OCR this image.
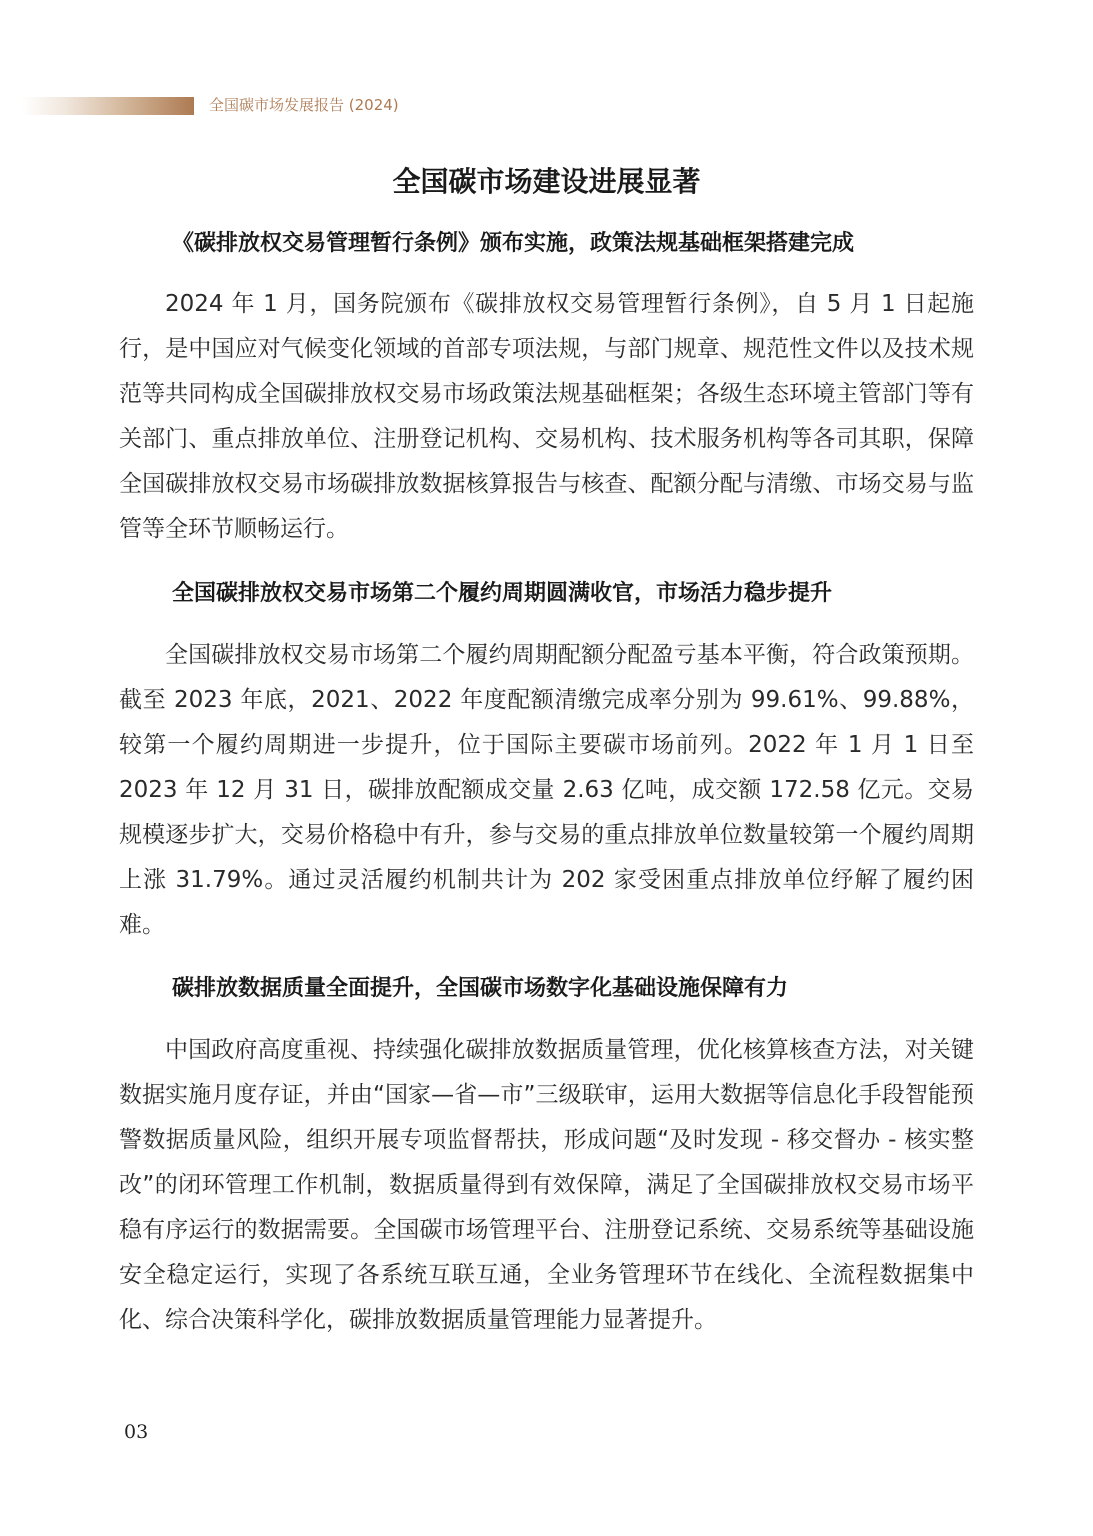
全国碳市场发展报告 (2024)
全国碳市场建设进展显著
《碳排放权交易管理暂行条例》颁布实施，政策法规基础框架搭建完成

2024 年 1 月，国务院颁布《碳排放权交易管理暂行条例》，自 5 月 1 日起施行，是中国应对气候变化领域的首部专项法规，与部门规章、规范性文件以及技术规范等共同构成全国碳排放权交易市场政策法规基础框架；各级生态环境主管部门等有关部门、重点排放单位、注册登记机构、交易机构、技术服务机构等各司其职，保障全国碳排放权交易市场碳排放数据核算报告与核查、配额分配与清缴、市场交易与监管等全环节顺畅运行。

全国碳排放权交易市场第二个履约周期圆满收官，市场活力稳步提升

全国碳排放权交易市场第二个履约周期配额分配盈亏基本平衡，符合政策预期。截至 2023 年底，2021、2022 年度配额清缴完成率分别为 99.61%、99.88%，较第一个履约周期进一步提升，位于国际主要碳市场前列。2022 年 1 月 1 日至 2023 年 12 月 31 日，碳排放配额成交量 2.63 亿吨，成交额 172.58 亿元。交易规模逐步扩大，交易价格稳中有升，参与交易的重点排放单位数量较第一个履约周期上涨 31.79%。通过灵活履约机制共计为 202 家受困重点排放单位纾解了履约困难。

碳排放数据质量全面提升，全国碳市场数字化基础设施保障有力

中国政府高度重视、持续强化碳排放数据质量管理，优化核算核查方法，对关键数据实施月度存证，并由“国家—省—市”三级联审，运用大数据等信息化手段智能预警数据质量风险，组织开展专项监督帮扶，形成问题“及时发现 - 移交督办 - 核实整改”的闭环管理工作机制，数据质量得到有效保障，满足了全国碳排放权交易市场平稳有序运行的数据需要。全国碳市场管理平台、注册登记系统、交易系统等基础设施安全稳定运行，实现了各系统互联互通，全业务管理环节在线化、全流程数据集中化、综合决策科学化，碳排放数据质量管理能力显著提升。

03
